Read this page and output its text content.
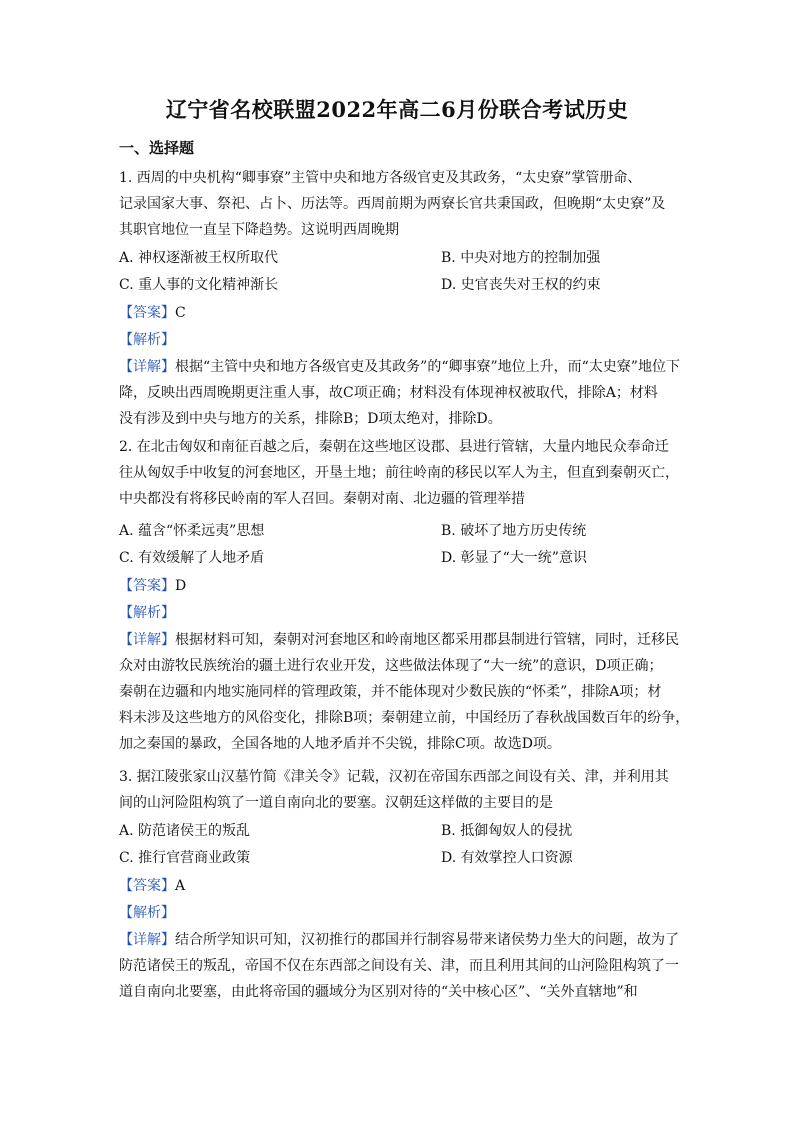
辽宁省名校联盟2022年高二6月份联合考试历史
一、选择题
1. 西周的中央机构“卿事寮”主管中央和地方各级官吏及其政务，“太史寮”掌管册命、
记录国家大事、祭祀、占卜、历法等。西周前期为两寮长官共秉国政，但晚期“太史寮”及
其职官地位一直呈下降趋势。这说明西周晚期
A. 神权逐渐被王权所取代	B. 中央对地方的控制加强
C. 重人事的文化精神渐长	D. 史官丧失对王权的约束
【答案】C
【解析】
【详解】根据“主管中央和地方各级官吏及其政务”的“卿事寮”地位上升，而“太史寮”地位下
降，反映出西周晚期更注重人事，故C项正确；材料没有体现神权被取代，排除A；材料
没有涉及到中央与地方的关系，排除B；D项太绝对，排除D。
2. 在北击匈奴和南征百越之后，秦朝在这些地区设郡、县进行管辖，大量内地民众奉命迁
往从匈奴手中收复的河套地区，开垦土地；前往岭南的移民以军人为主，但直到秦朝灭亡，
中央都没有将移民岭南的军人召回。秦朝对南、北边疆的管理举措
A. 蕴含“怀柔远夷”思想	B. 破坏了地方历史传统
C. 有效缓解了人地矛盾	D. 彰显了“大一统”意识
【答案】D
【解析】
【详解】根据材料可知，秦朝对河套地区和岭南地区都采用郡县制进行管辖，同时，迁移民
众对由游牧民族统治的疆土进行农业开发，这些做法体现了“大一统”的意识，D项正确；
秦朝在边疆和内地实施同样的管理政策，并不能体现对少数民族的“怀柔”，排除A项；材
料未涉及这些地方的风俗变化，排除B项；秦朝建立前，中国经历了春秋战国数百年的纷争，
加之秦国的暴政，全国各地的人地矛盾并不尖锐，排除C项。故选D项。
3. 据江陵张家山汉墓竹简《津关令》记载，汉初在帝国东西部之间设有关、津，并利用其
间的山河险阻构筑了一道自南向北的要塞。汉朝廷这样做的主要目的是
A. 防范诸侯王的叛乱	B. 抵御匈奴人的侵扰
C. 推行官营商业政策	D. 有效掌控人口资源
【答案】A
【解析】
【详解】结合所学知识可知，汉初推行的郡国并行制容易带来诸侯势力坐大的问题，故为了
防范诸侯王的叛乱，帝国不仅在东西部之间设有关、津，而且利用其间的山河险阻构筑了一
道自南向北要塞，由此将帝国的疆域分为区别对待的“关中核心区”、“关外直辖地”和
